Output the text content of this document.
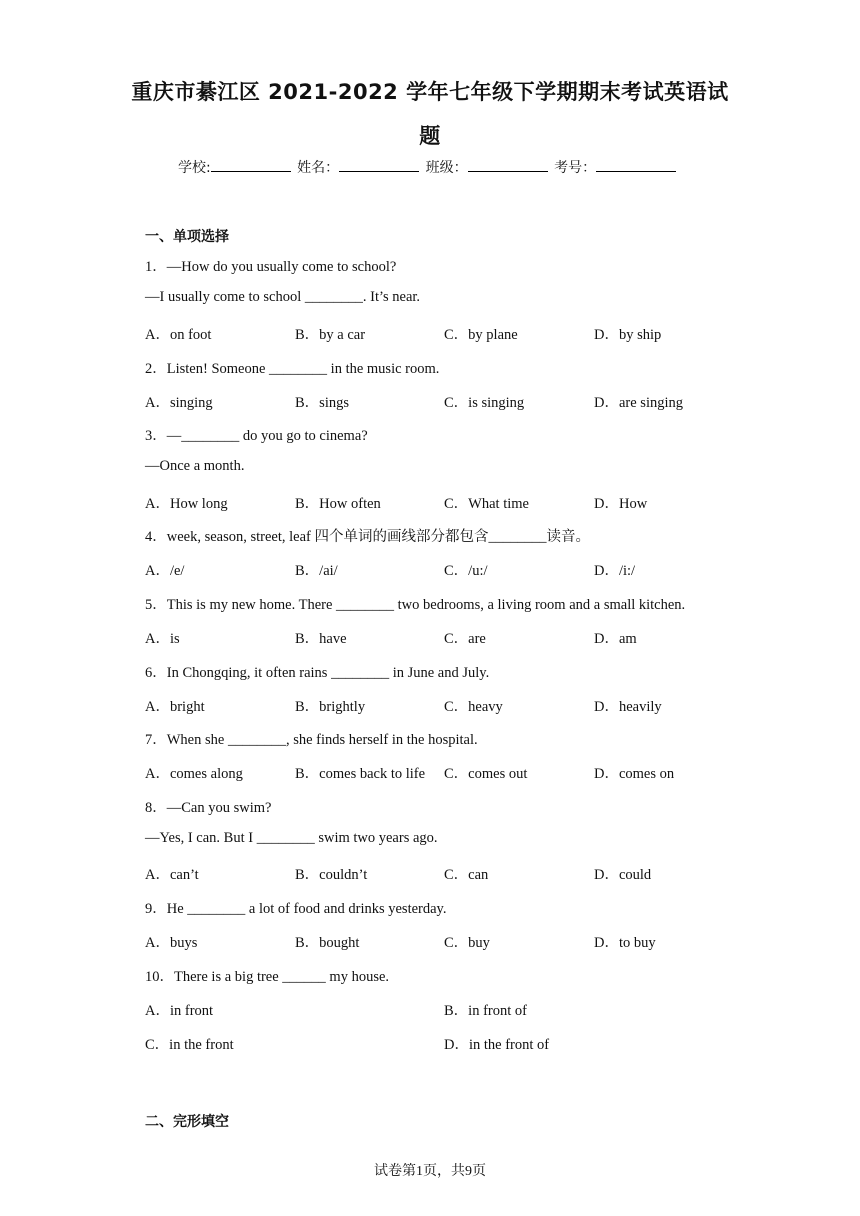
重庆市綦江区 2021-2022 学年七年级下学期期末考试英语试
题
学校:	姓名：	班级：	考号：
一、单项选择
1．—How do you usually come to school?
—I usually come to school ________. It’s near.
A．on foot	B．by a car	C．by plane	D．by ship
2．Listen! Someone ________ in the music room.
A．singing	B．sings	C．is singing	D．are singing
3．—________ do you go to cinema?
—Once a month.
A．How long	B．How often	C．What time	D．How
4．week, season, street, leaf 四个单词的画线部分都包含________读音。
A．/e/	B．/ai/	C．/u:/	D．/i:/
5．This is my new home. There ________ two bedrooms, a living room and a small kitchen.
A．is	B．have	C．are	D．am
6．In Chongqing, it often rains ________ in June and July.
A．bright	B．brightly	C．heavy	D．heavily
7．When she ________, she finds herself in the hospital.
A．comes along	B．comes back to life C．comes out	D．comes on
8．—Can you swim?
—Yes, I can. But I ________ swim two years ago.
A．can’t	B．couldn’t	C．can	D．could
9．He ________ a lot of food and drinks yesterday.
A．buys	B．bought	C．buy	D．to buy
10．There is a big tree ______ my house.
A．in front	B．in front of
C．in the front	D．in the front of
二、完形填空
试卷第1页，共9页
